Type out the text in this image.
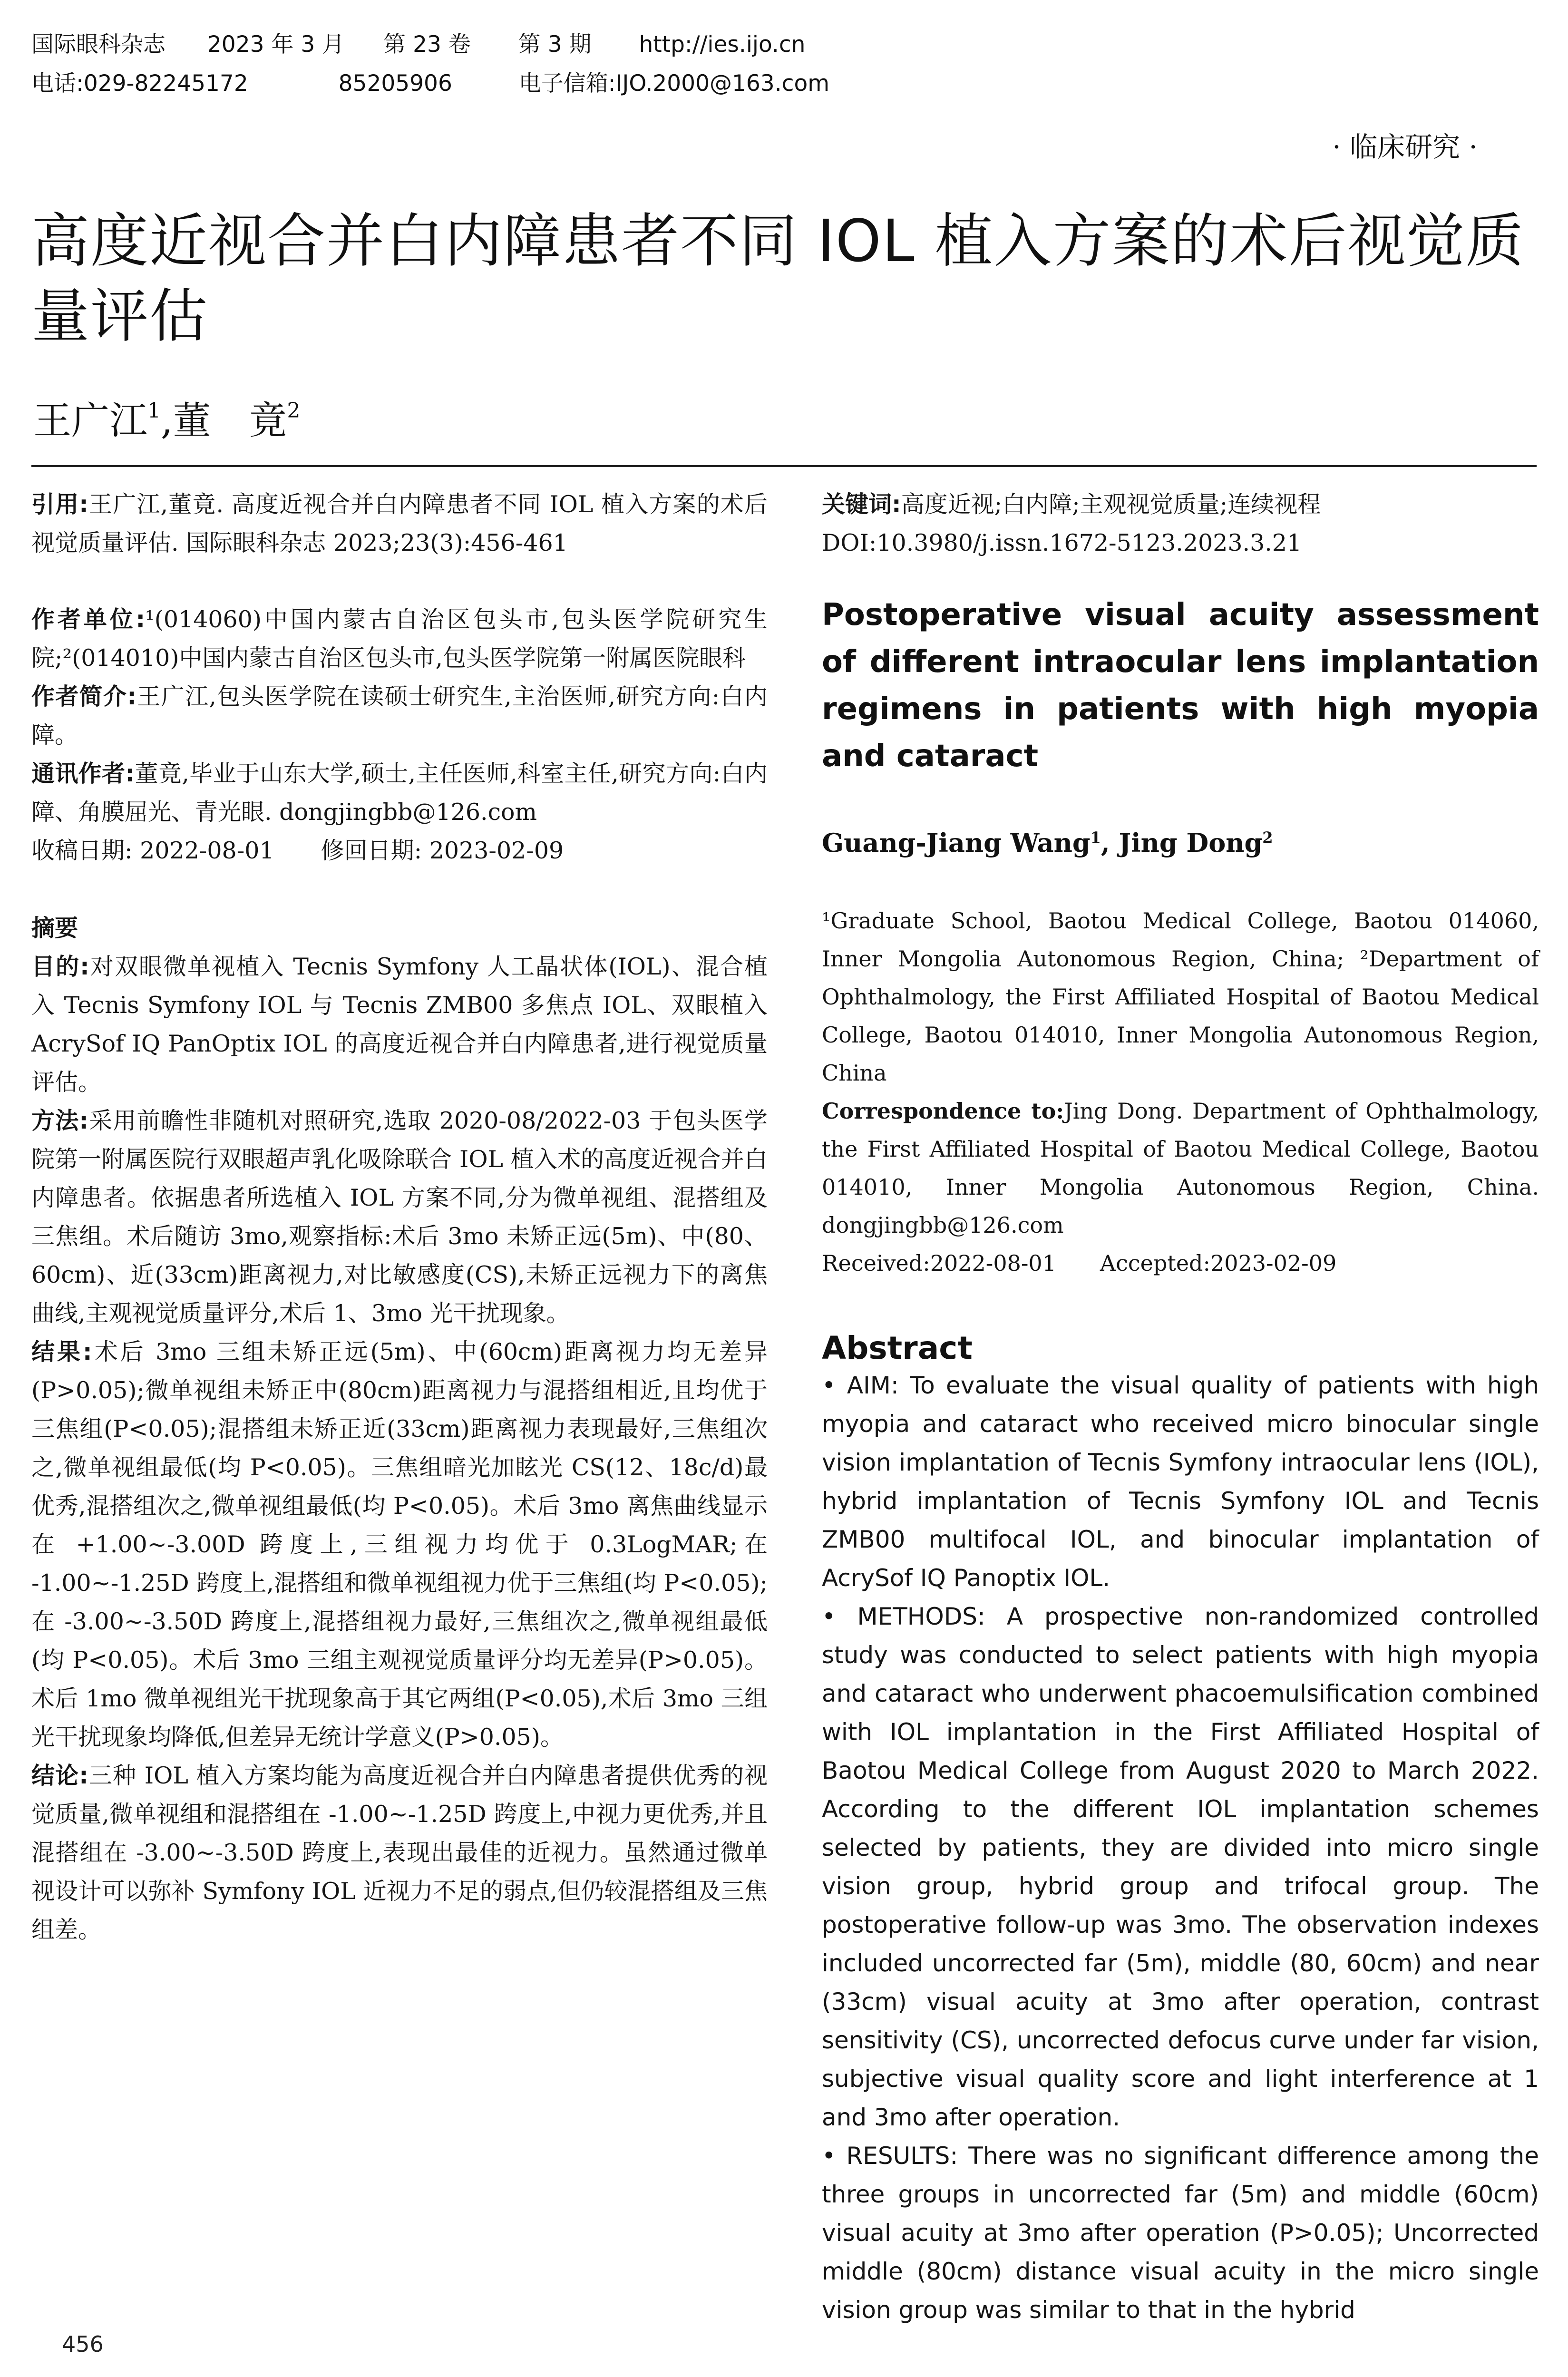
国际眼科杂志 2023 年 3 月 第 23 卷 第 3 期 http://ies.ijo.cn
电话:029-82245172	85205906	电子信箱:IJO.2000@163.com
· 临床研究 ·
高度近视合并白内障患者不同 IOL 植入方案的术后视觉质量评估
王广江$^1$,董　竟$^2$

引用:王广江,董竟. 高度近视合并白内障患者不同 IOL 植入方案的术后视觉质量评估. 国际眼科杂志 2023;23(3):456-461

作者单位:¹(014060)中国内蒙古自治区包头市,包头医学院研究生院;²(014010)中国内蒙古自治区包头市,包头医学院第一附属医院眼科

作者简介:王广江,包头医学院在读硕士研究生,主治医师,研究方向:白内障。

通讯作者:董竟,毕业于山东大学,硕士,主任医师,科室主任,研究方向:白内障、角膜屈光、青光眼. dongjingbb@126.com

收稿日期: 2022-08-01　　修回日期: 2023-02-09

摘要

目的:对双眼微单视植入 Tecnis Symfony 人工晶状体(IOL)、混合植入 Tecnis Symfony IOL 与 Tecnis ZMB00 多焦点 IOL、双眼植入 AcrySof IQ PanOptix IOL 的高度近视合并白内障患者,进行视觉质量评估。

方法:采用前瞻性非随机对照研究,选取 2020-08/2022-03 于包头医学院第一附属医院行双眼超声乳化吸除联合 IOL 植入术的高度近视合并白内障患者。依据患者所选植入 IOL 方案不同,分为微单视组、混搭组及三焦组。术后随访 3mo,观察指标:术后 3mo 未矫正远(5m)、中(80、60cm)、近(33cm)距离视力,对比敏感度(CS),未矫正远视力下的离焦曲线,主观视觉质量评分,术后 1、3mo 光干扰现象。

结果:术后 3mo 三组未矫正远(5m)、中(60cm)距离视力均无差异(P>0.05);微单视组未矫正中(80cm)距离视力与混搭组相近,且均优于三焦组(P<0.05);混搭组未矫正近(33cm)距离视力表现最好,三焦组次之,微单视组最低(均 P<0.05)。三焦组暗光加眩光 CS(12、18c/d)最优秀,混搭组次之,微单视组最低(均 P<0.05)。术后 3mo 离焦曲线显示在 +1.00~-3.00D 跨度上,三组视力均优于 0.3LogMAR;在 -1.00~-1.25D 跨度上,混搭组和微单视组视力优于三焦组(均 P<0.05);在 -3.00~-3.50D 跨度上,混搭组视力最好,三焦组次之,微单视组最低(均 P<0.05)。术后 3mo 三组主观视觉质量评分均无差异(P>0.05)。术后 1mo 微单视组光干扰现象高于其它两组(P<0.05),术后 3mo 三组光干扰现象均降低,但差异无统计学意义(P>0.05)。

结论:三种 IOL 植入方案均能为高度近视合并白内障患者提供优秀的视觉质量,微单视组和混搭组在 -1.00~-1.25D 跨度上,中视力更优秀,并且混搭组在 -3.00~-3.50D 跨度上,表现出最佳的近视力。虽然通过微单视设计可以弥补 Symfony IOL 近视力不足的弱点,但仍较混搭组及三焦组差。

关键词:高度近视;白内障;主观视觉质量;连续视程

DOI:10.3980/j.issn.1672-5123.2023.3.21

Postoperative visual acuity assessment of different intraocular lens implantation regimens in patients with high myopia and cataract

Guang-Jiang Wang$^1$, Jing Dong$^2$

¹Graduate School, Baotou Medical College, Baotou 014060, Inner Mongolia Autonomous Region, China; ²Department of Ophthalmology, the First Affiliated Hospital of Baotou Medical College, Baotou 014010, Inner Mongolia Autonomous Region, China

Correspondence to:Jing Dong. Department of Ophthalmology, the First Affiliated Hospital of Baotou Medical College, Baotou 014010, Inner Mongolia Autonomous Region, China. dongjingbb@126.com

Received:2022-08-01　　Accepted:2023-02-09

Abstract

• AIM: To evaluate the visual quality of patients with high myopia and cataract who received micro binocular single vision implantation of Tecnis Symfony intraocular lens (IOL), hybrid implantation of Tecnis Symfony IOL and Tecnis ZMB00 multifocal IOL, and binocular implantation of AcrySof IQ Panoptix IOL.

• METHODS: A prospective non-randomized controlled study was conducted to select patients with high myopia and cataract who underwent phacoemulsification combined with IOL implantation in the First Affiliated Hospital of Baotou Medical College from August 2020 to March 2022. According to the different IOL implantation schemes selected by patients, they are divided into micro single vision group, hybrid group and trifocal group. The postoperative follow-up was 3mo. The observation indexes included uncorrected far (5m), middle (80, 60cm) and near (33cm) visual acuity at 3mo after operation, contrast sensitivity (CS), uncorrected defocus curve under far vision, subjective visual quality score and light interference at 1 and 3mo after operation.

• RESULTS: There was no significant difference among the three groups in uncorrected far (5m) and middle (60cm) visual acuity at 3mo after operation (P>0.05); Uncorrected middle (80cm) distance visual acuity in the micro single vision group was similar to that in the hybrid

456
